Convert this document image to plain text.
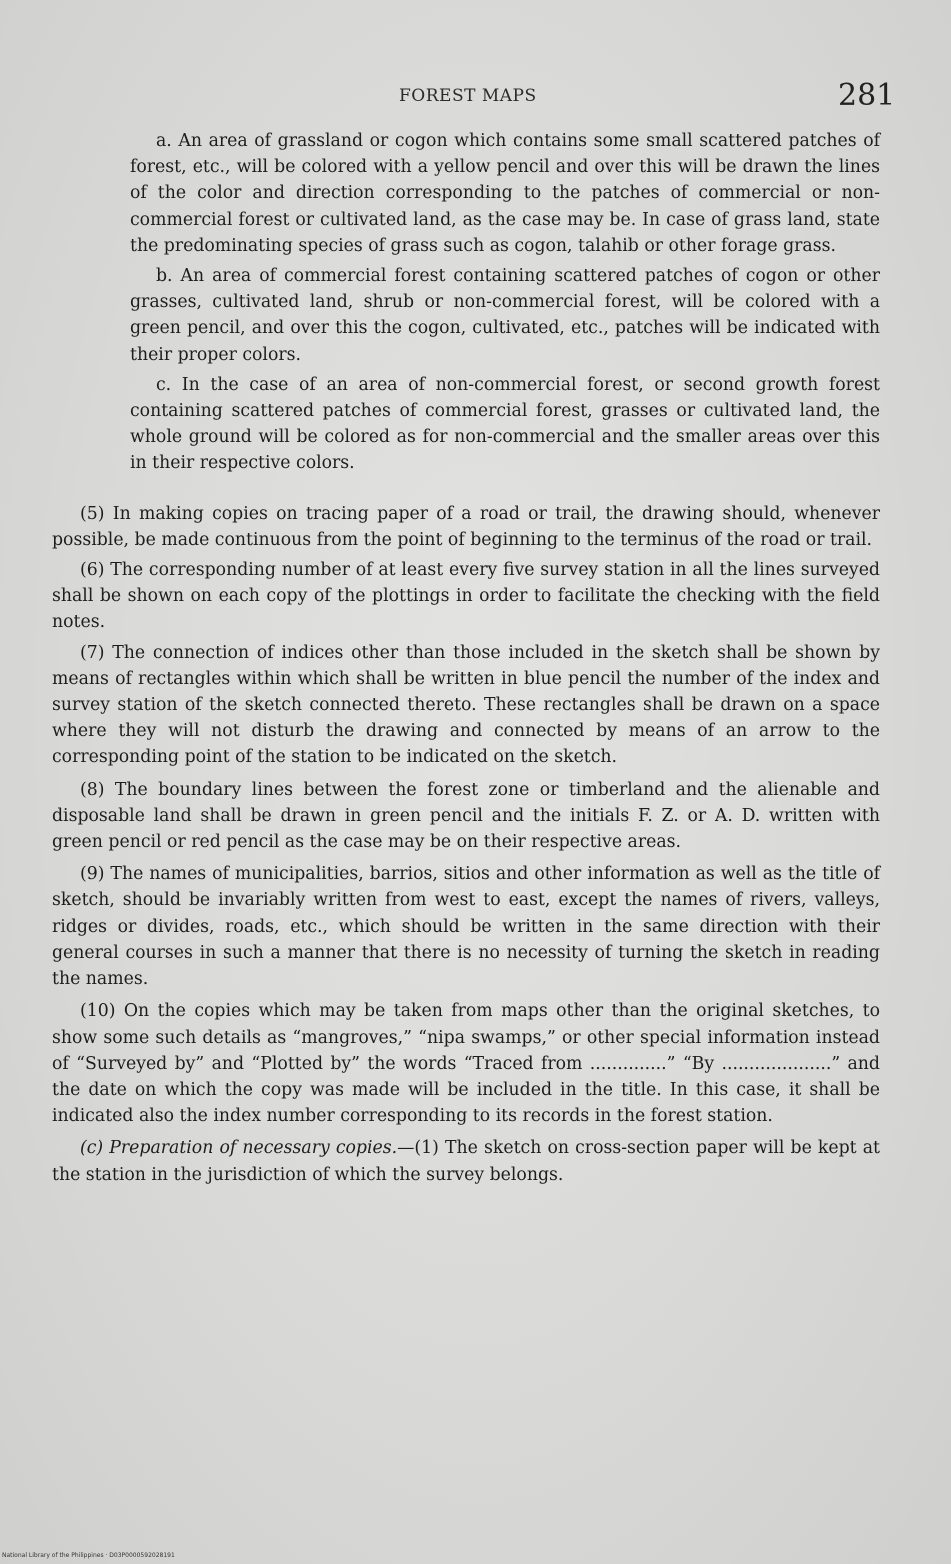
FOREST MAPS	281

a. An area of grassland or cogon which contains some small scattered patches of forest, etc., will be colored with a yellow pencil and over this will be drawn the lines of the color and direction corresponding to the patches of commercial or non-commercial forest or cultivated land, as the case may be. In case of grass land, state the predominating species of grass such as cogon, talahib or other forage grass.

b. An area of commercial forest containing scattered patches of cogon or other grasses, cultivated land, shrub or non-commercial forest, will be colored with a green pencil, and over this the cogon, cultivated, etc., patches will be indicated with their proper colors.

c. In the case of an area of non-commercial forest, or second growth forest containing scattered patches of commercial forest, grasses or cultivated land, the whole ground will be colored as for non-commercial and the smaller areas over this in their respective colors.

(5) In making copies on tracing paper of a road or trail, the drawing should, whenever possible, be made continuous from the point of beginning to the terminus of the road or trail.

(6) The corresponding number of at least every five survey station in all the lines surveyed shall be shown on each copy of the plottings in order to facilitate the checking with the field notes.

(7) The connection of indices other than those included in the sketch shall be shown by means of rectangles within which shall be written in blue pencil the number of the index and survey station of the sketch connected thereto. These rectangles shall be drawn on a space where they will not disturb the drawing and connected by means of an arrow to the corresponding point of the station to be indicated on the sketch.

(8) The boundary lines between the forest zone or timberland and the alienable and disposable land shall be drawn in green pencil and the initials F. Z. or A. D. written with green pencil or red pencil as the case may be on their respective areas.

(9) The names of municipalities, barrios, sitios and other information as well as the title of sketch, should be invariably written from west to east, except the names of rivers, valleys, ridges or divides, roads, etc., which should be written in the same direction with their general courses in such a manner that there is no necessity of turning the sketch in reading the names.

(10) On the copies which may be taken from maps other than the original sketches, to show some such details as “mangroves,” “nipa swamps,” or other special information instead of “Surveyed by” and “Plotted by” the words “Traced from ..............” “By ....................” and the date on which the copy was made will be included in the title. In this case, it shall be indicated also the index number corresponding to its records in the forest station.

(c) Preparation of necessary copies.—(1) The sketch on cross-section paper will be kept at the station in the jurisdiction of which the survey belongs.

National Library of the Philippines · D03P0000592028191
